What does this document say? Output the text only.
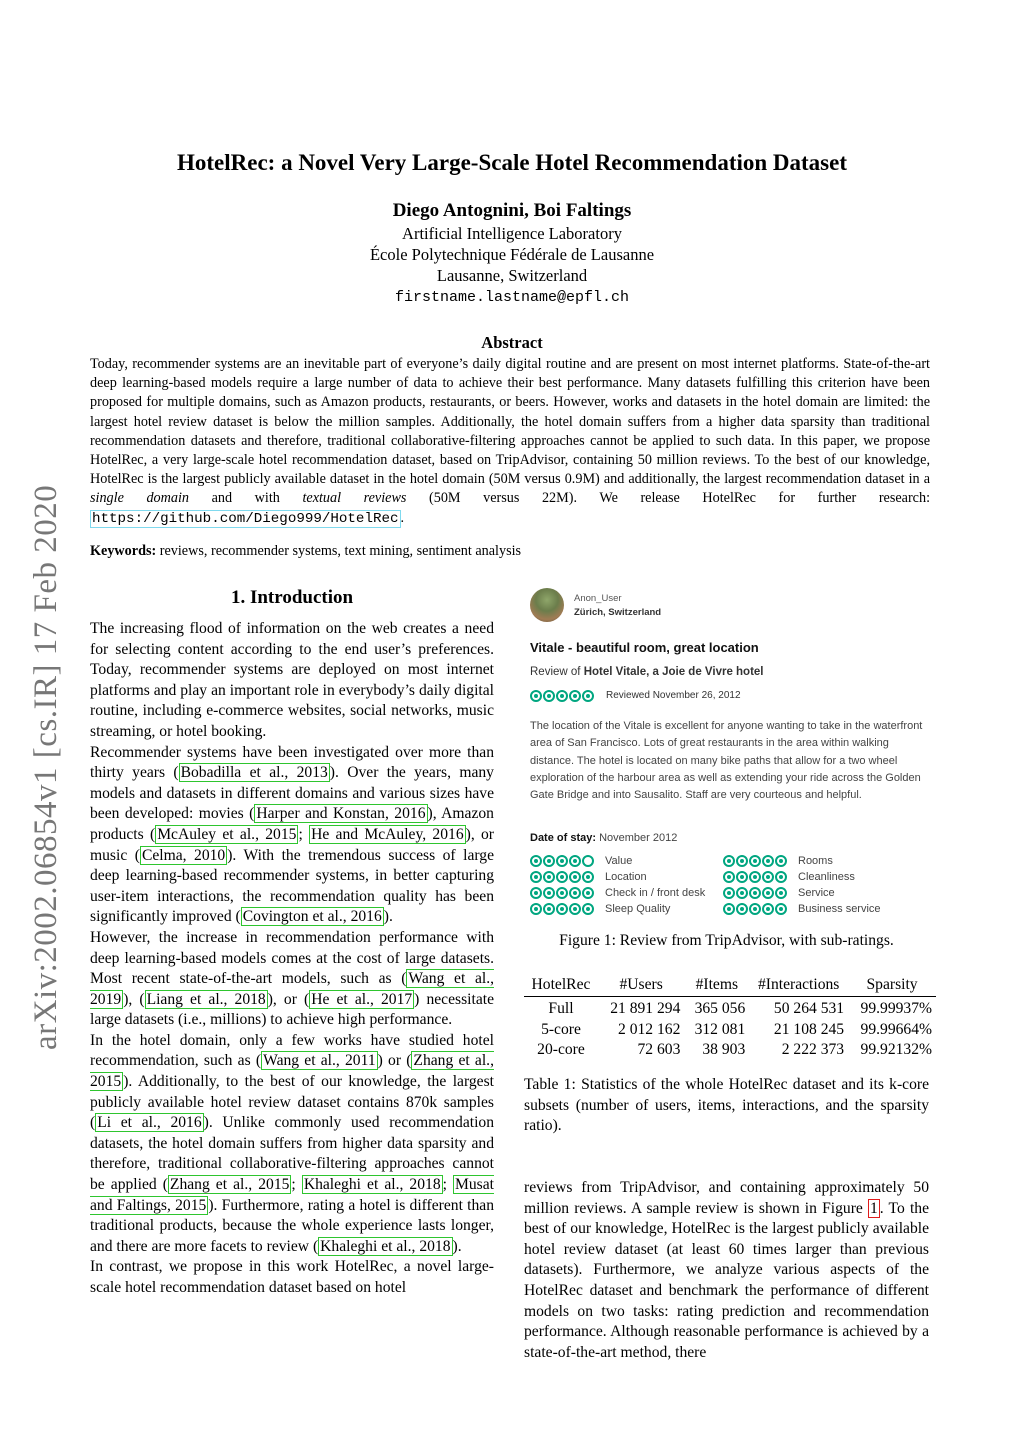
arXiv:2002.06854v1 [cs.IR] 17 Feb 2020
HotelRec: a Novel Very Large-Scale Hotel Recommendation Dataset
Diego Antognini, Boi Faltings
Artificial Intelligence Laboratory
École Polytechnique Fédérale de Lausanne
Lausanne, Switzerland
firstname.lastname@epfl.ch
Abstract
Today, recommender systems are an inevitable part of everyone’s daily digital routine and are present on most internet platforms. State-of-the-art deep learning-based models require a large number of data to achieve their best performance. Many datasets fulfilling this criterion have been proposed for multiple domains, such as Amazon products, restaurants, or beers. However, works and datasets in the hotel domain are limited: the largest hotel review dataset is below the million samples. Additionally, the hotel domain suffers from a higher data sparsity than traditional recommendation datasets and therefore, traditional collaborative-filtering approaches cannot be applied to such data. In this paper, we propose HotelRec, a very large-scale hotel recommendation dataset, based on TripAdvisor, containing 50 million reviews. To the best of our knowledge, HotelRec is the largest publicly available dataset in the hotel domain (50M versus 0.9M) and additionally, the largest recommendation dataset in a single domain and with textual reviews (50M versus 22M). We release HotelRec for further research: https://github.com/Diego999/HotelRec .
Keywords: reviews, recommender systems, text mining, sentiment analysis
1. Introduction

The increasing flood of information on the web creates a need for selecting content according to the end user’s preferences. Today, recommender systems are deployed on most internet platforms and play an important role in everybody’s daily digital routine, including e-commerce websites, social networks, music streaming, or hotel booking.

Recommender systems have been investigated over more than thirty years ( Bobadilla et al., 2013 ). Over the years, many models and datasets in different domains and various sizes have been developed: movies ( Harper and Konstan, 2016 ), Amazon products ( McAuley et al., 2015 ; He and McAuley, 2016 ), or music ( Celma, 2010 ). With the tremendous success of large deep learning-based recommender systems, in better capturing user-item interactions, the recommendation quality has been significantly improved ( Covington et al., 2016 ).

However, the increase in recommendation performance with deep learning-based models comes at the cost of large datasets. Most recent state-of-the-art models, such as ( Wang et al., 2019 ), ( Liang et al., 2018 ), or ( He et al., 2017 ) necessitate large datasets (i.e., millions) to achieve high performance.

In the hotel domain, only a few works have studied hotel recommendation, such as ( Wang et al., 2011 ) or ( Zhang et al., 2015 ). Additionally, to the best of our knowledge, the largest publicly available hotel review dataset contains 870k samples ( Li et al., 2016 ). Unlike commonly used recommendation datasets, the hotel domain suffers from higher data sparsity and therefore, traditional collaborative-filtering approaches cannot be applied ( Zhang et al., 2015 ; Khaleghi et al., 2018 ; Musat and Faltings, 2015 ). Furthermore, rating a hotel is different than traditional products, because the whole experience lasts longer, and there are more facets to review ( Khaleghi et al., 2018 ).

In contrast, we propose in this work HotelRec, a novel large-scale hotel recommendation dataset based on hotel

Anon_User
Zürich, Switzerland
Vitale - beautiful room, great location
Review of Hotel Vitale, a Joie de Vivre hotel
Reviewed November 26, 2012
The location of the Vitale is excellent for anyone wanting to take in the waterfront area of San Francisco. Lots of great restaurants in the area within walking distance. The hotel is located on many bike paths that allow for a two wheel exploration of the harbour area as well as extending your ride across the Golden Gate Bridge and into Sausalito. Staff are very courteous and helpful.
Date of stay: November 2012
Value
Location
Check in / front desk
Sleep Quality
Rooms
Cleanliness
Service
Business service
Figure 1: Review from TripAdvisor, with sub-ratings.
HotelRec	#Users	#Items	#Interactions	Sparsity
Full	21 891 294	365 056	50 264 531	99.99937%
5-core	2 012 162	312 081	21 108 245	99.99664%
20-core	72 603	38 903	2 222 373	99.92132%
Table 1: Statistics of the whole HotelRec dataset and its k-core subsets (number of users, items, interactions, and the sparsity ratio).
reviews from TripAdvisor, and containing approximately 50 million reviews. A sample review is shown in Figure 1 . To the best of our knowledge, HotelRec is the largest publicly available hotel review dataset (at least 60 times larger than previous datasets). Furthermore, we analyze various aspects of the HotelRec dataset and benchmark the performance of different models on two tasks: rating prediction and recommendation performance. Although reasonable performance is achieved by a state-of-the-art method, there
